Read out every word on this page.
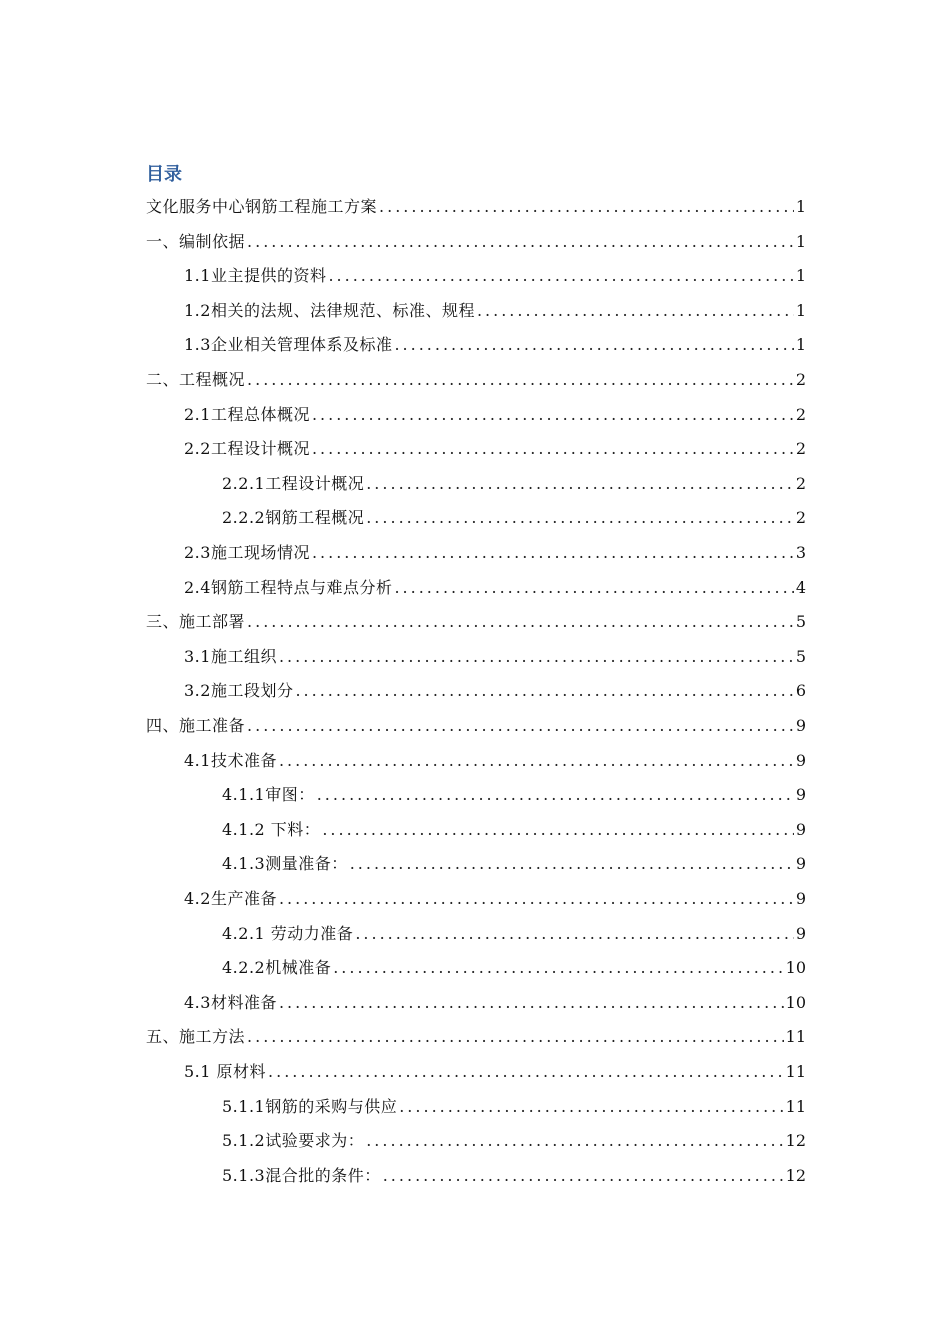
目录
文化服务中心钢筋工程施工方案 .....	1
一、编制依据 .....	1
1.1业主提供的资料 .....	1
1.2相关的法规、法律规范、标准、规程 .....	1
1.3企业相关管理体系及标准 .....	1
二、工程概况 .....	2
2.1工程总体概况 .....	2
2.2工程设计概况 .....	2
2.2.1工程设计概况 .....	2
2.2.2钢筋工程概况 .....	2
2.3施工现场情况 .....	3
2.4钢筋工程特点与难点分析 .....	4
三、施工部署 .....	5
3.1施工组织 .....	5
3.2施工段划分 .....	6
四、施工准备 .....	9
4.1技术准备 .....	9
4.1.1审图： .....	9
4.1.2 下料： .....	9
4.1.3测量准备： .....	9
4.2生产准备 .....	9
4.2.1 劳动力准备 .....	9
4.2.2机械准备 .....	10
4.3材料准备 .....	10
五、施工方法 .....	11
5.1 原材料 .....	11
5.1.1钢筋的采购与供应 .....	11
5.1.2试验要求为： .....	12
5.1.3混合批的条件： .....	12
